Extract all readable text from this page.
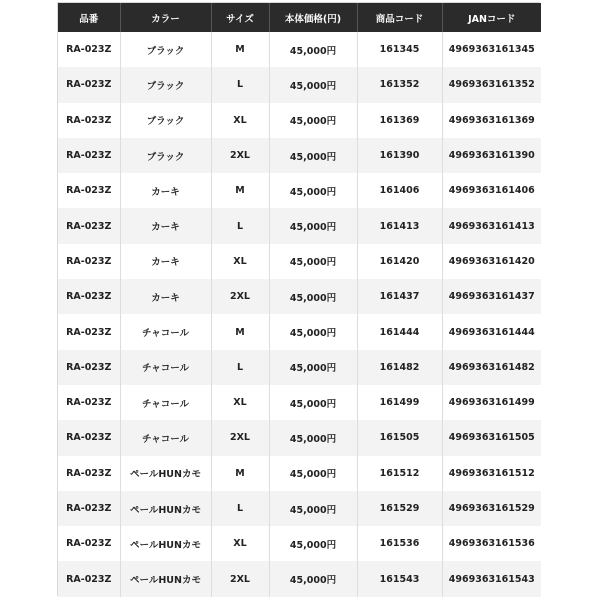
品番	カラー	サイズ	本体価格(円)	商品コード	JANコード
RA-023Z	ブラック	M	45,000円	161345	4969363161345
RA-023Z	ブラック	L	45,000円	161352	4969363161352
RA-023Z	ブラック	XL	45,000円	161369	4969363161369
RA-023Z	ブラック	2XL	45,000円	161390	4969363161390
RA-023Z	カーキ	M	45,000円	161406	4969363161406
RA-023Z	カーキ	L	45,000円	161413	4969363161413
RA-023Z	カーキ	XL	45,000円	161420	4969363161420
RA-023Z	カーキ	2XL	45,000円	161437	4969363161437
RA-023Z	チャコール	M	45,000円	161444	4969363161444
RA-023Z	チャコール	L	45,000円	161482	4969363161482
RA-023Z	チャコール	XL	45,000円	161499	4969363161499
RA-023Z	チャコール	2XL	45,000円	161505	4969363161505
RA-023Z	ペールHUNカモ	M	45,000円	161512	4969363161512
RA-023Z	ペールHUNカモ	L	45,000円	161529	4969363161529
RA-023Z	ペールHUNカモ	XL	45,000円	161536	4969363161536
RA-023Z	ペールHUNカモ	2XL	45,000円	161543	4969363161543
